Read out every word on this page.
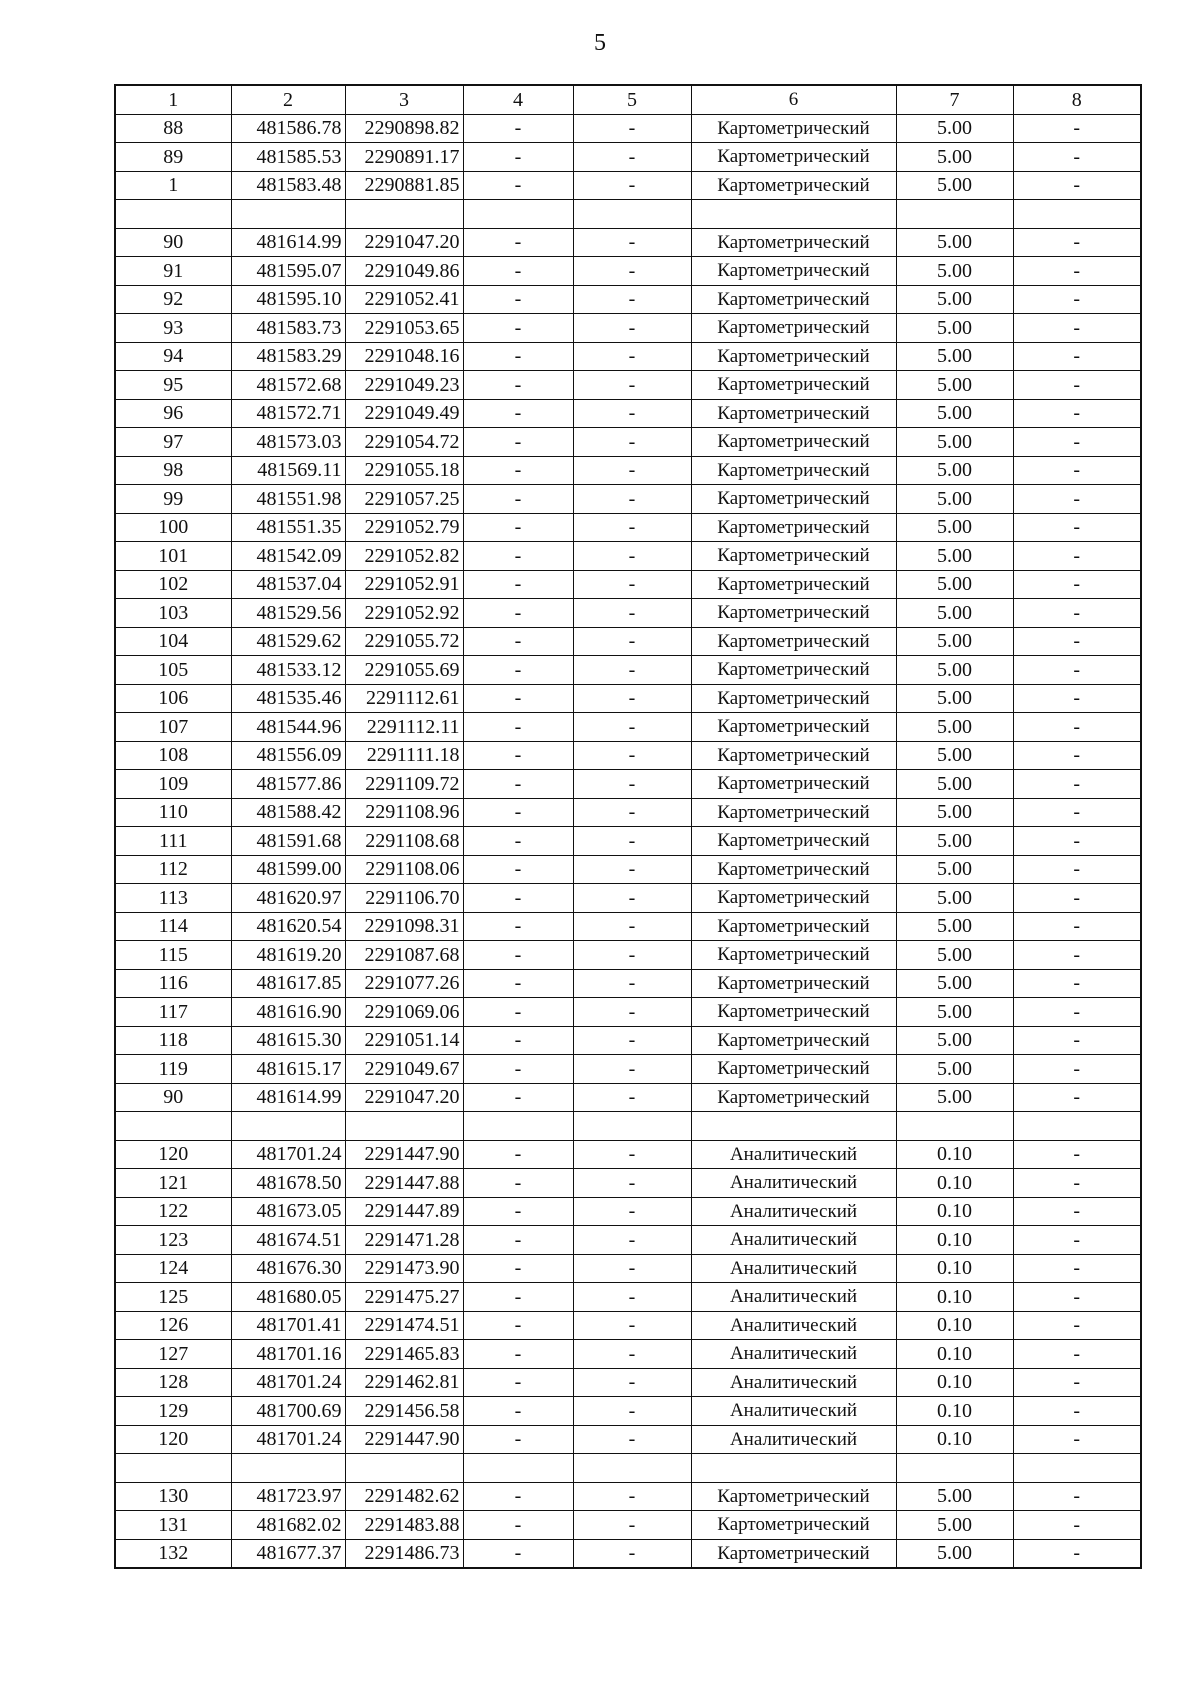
5
1	2	3	4	5	6	7	8
88	481586.78	2290898.82	-	-	Картометрический	5.00	-
89	481585.53	2290891.17	-	-	Картометрический	5.00	-
1	481583.48	2290881.85	-	-	Картометрический	5.00	-

90	481614.99	2291047.20	-	-	Картометрический	5.00	-
91	481595.07	2291049.86	-	-	Картометрический	5.00	-
92	481595.10	2291052.41	-	-	Картометрический	5.00	-
93	481583.73	2291053.65	-	-	Картометрический	5.00	-
94	481583.29	2291048.16	-	-	Картометрический	5.00	-
95	481572.68	2291049.23	-	-	Картометрический	5.00	-
96	481572.71	2291049.49	-	-	Картометрический	5.00	-
97	481573.03	2291054.72	-	-	Картометрический	5.00	-
98	481569.11	2291055.18	-	-	Картометрический	5.00	-
99	481551.98	2291057.25	-	-	Картометрический	5.00	-
100	481551.35	2291052.79	-	-	Картометрический	5.00	-
101	481542.09	2291052.82	-	-	Картометрический	5.00	-
102	481537.04	2291052.91	-	-	Картометрический	5.00	-
103	481529.56	2291052.92	-	-	Картометрический	5.00	-
104	481529.62	2291055.72	-	-	Картометрический	5.00	-
105	481533.12	2291055.69	-	-	Картометрический	5.00	-
106	481535.46	2291112.61	-	-	Картометрический	5.00	-
107	481544.96	2291112.11	-	-	Картометрический	5.00	-
108	481556.09	2291111.18	-	-	Картометрический	5.00	-
109	481577.86	2291109.72	-	-	Картометрический	5.00	-
110	481588.42	2291108.96	-	-	Картометрический	5.00	-
111	481591.68	2291108.68	-	-	Картометрический	5.00	-
112	481599.00	2291108.06	-	-	Картометрический	5.00	-
113	481620.97	2291106.70	-	-	Картометрический	5.00	-
114	481620.54	2291098.31	-	-	Картометрический	5.00	-
115	481619.20	2291087.68	-	-	Картометрический	5.00	-
116	481617.85	2291077.26	-	-	Картометрический	5.00	-
117	481616.90	2291069.06	-	-	Картометрический	5.00	-
118	481615.30	2291051.14	-	-	Картометрический	5.00	-
119	481615.17	2291049.67	-	-	Картометрический	5.00	-
90	481614.99	2291047.20	-	-	Картометрический	5.00	-

120	481701.24	2291447.90	-	-	Аналитический	0.10	-
121	481678.50	2291447.88	-	-	Аналитический	0.10	-
122	481673.05	2291447.89	-	-	Аналитический	0.10	-
123	481674.51	2291471.28	-	-	Аналитический	0.10	-
124	481676.30	2291473.90	-	-	Аналитический	0.10	-
125	481680.05	2291475.27	-	-	Аналитический	0.10	-
126	481701.41	2291474.51	-	-	Аналитический	0.10	-
127	481701.16	2291465.83	-	-	Аналитический	0.10	-
128	481701.24	2291462.81	-	-	Аналитический	0.10	-
129	481700.69	2291456.58	-	-	Аналитический	0.10	-
120	481701.24	2291447.90	-	-	Аналитический	0.10	-

130	481723.97	2291482.62	-	-	Картометрический	5.00	-
131	481682.02	2291483.88	-	-	Картометрический	5.00	-
132	481677.37	2291486.73	-	-	Картометрический	5.00	-
